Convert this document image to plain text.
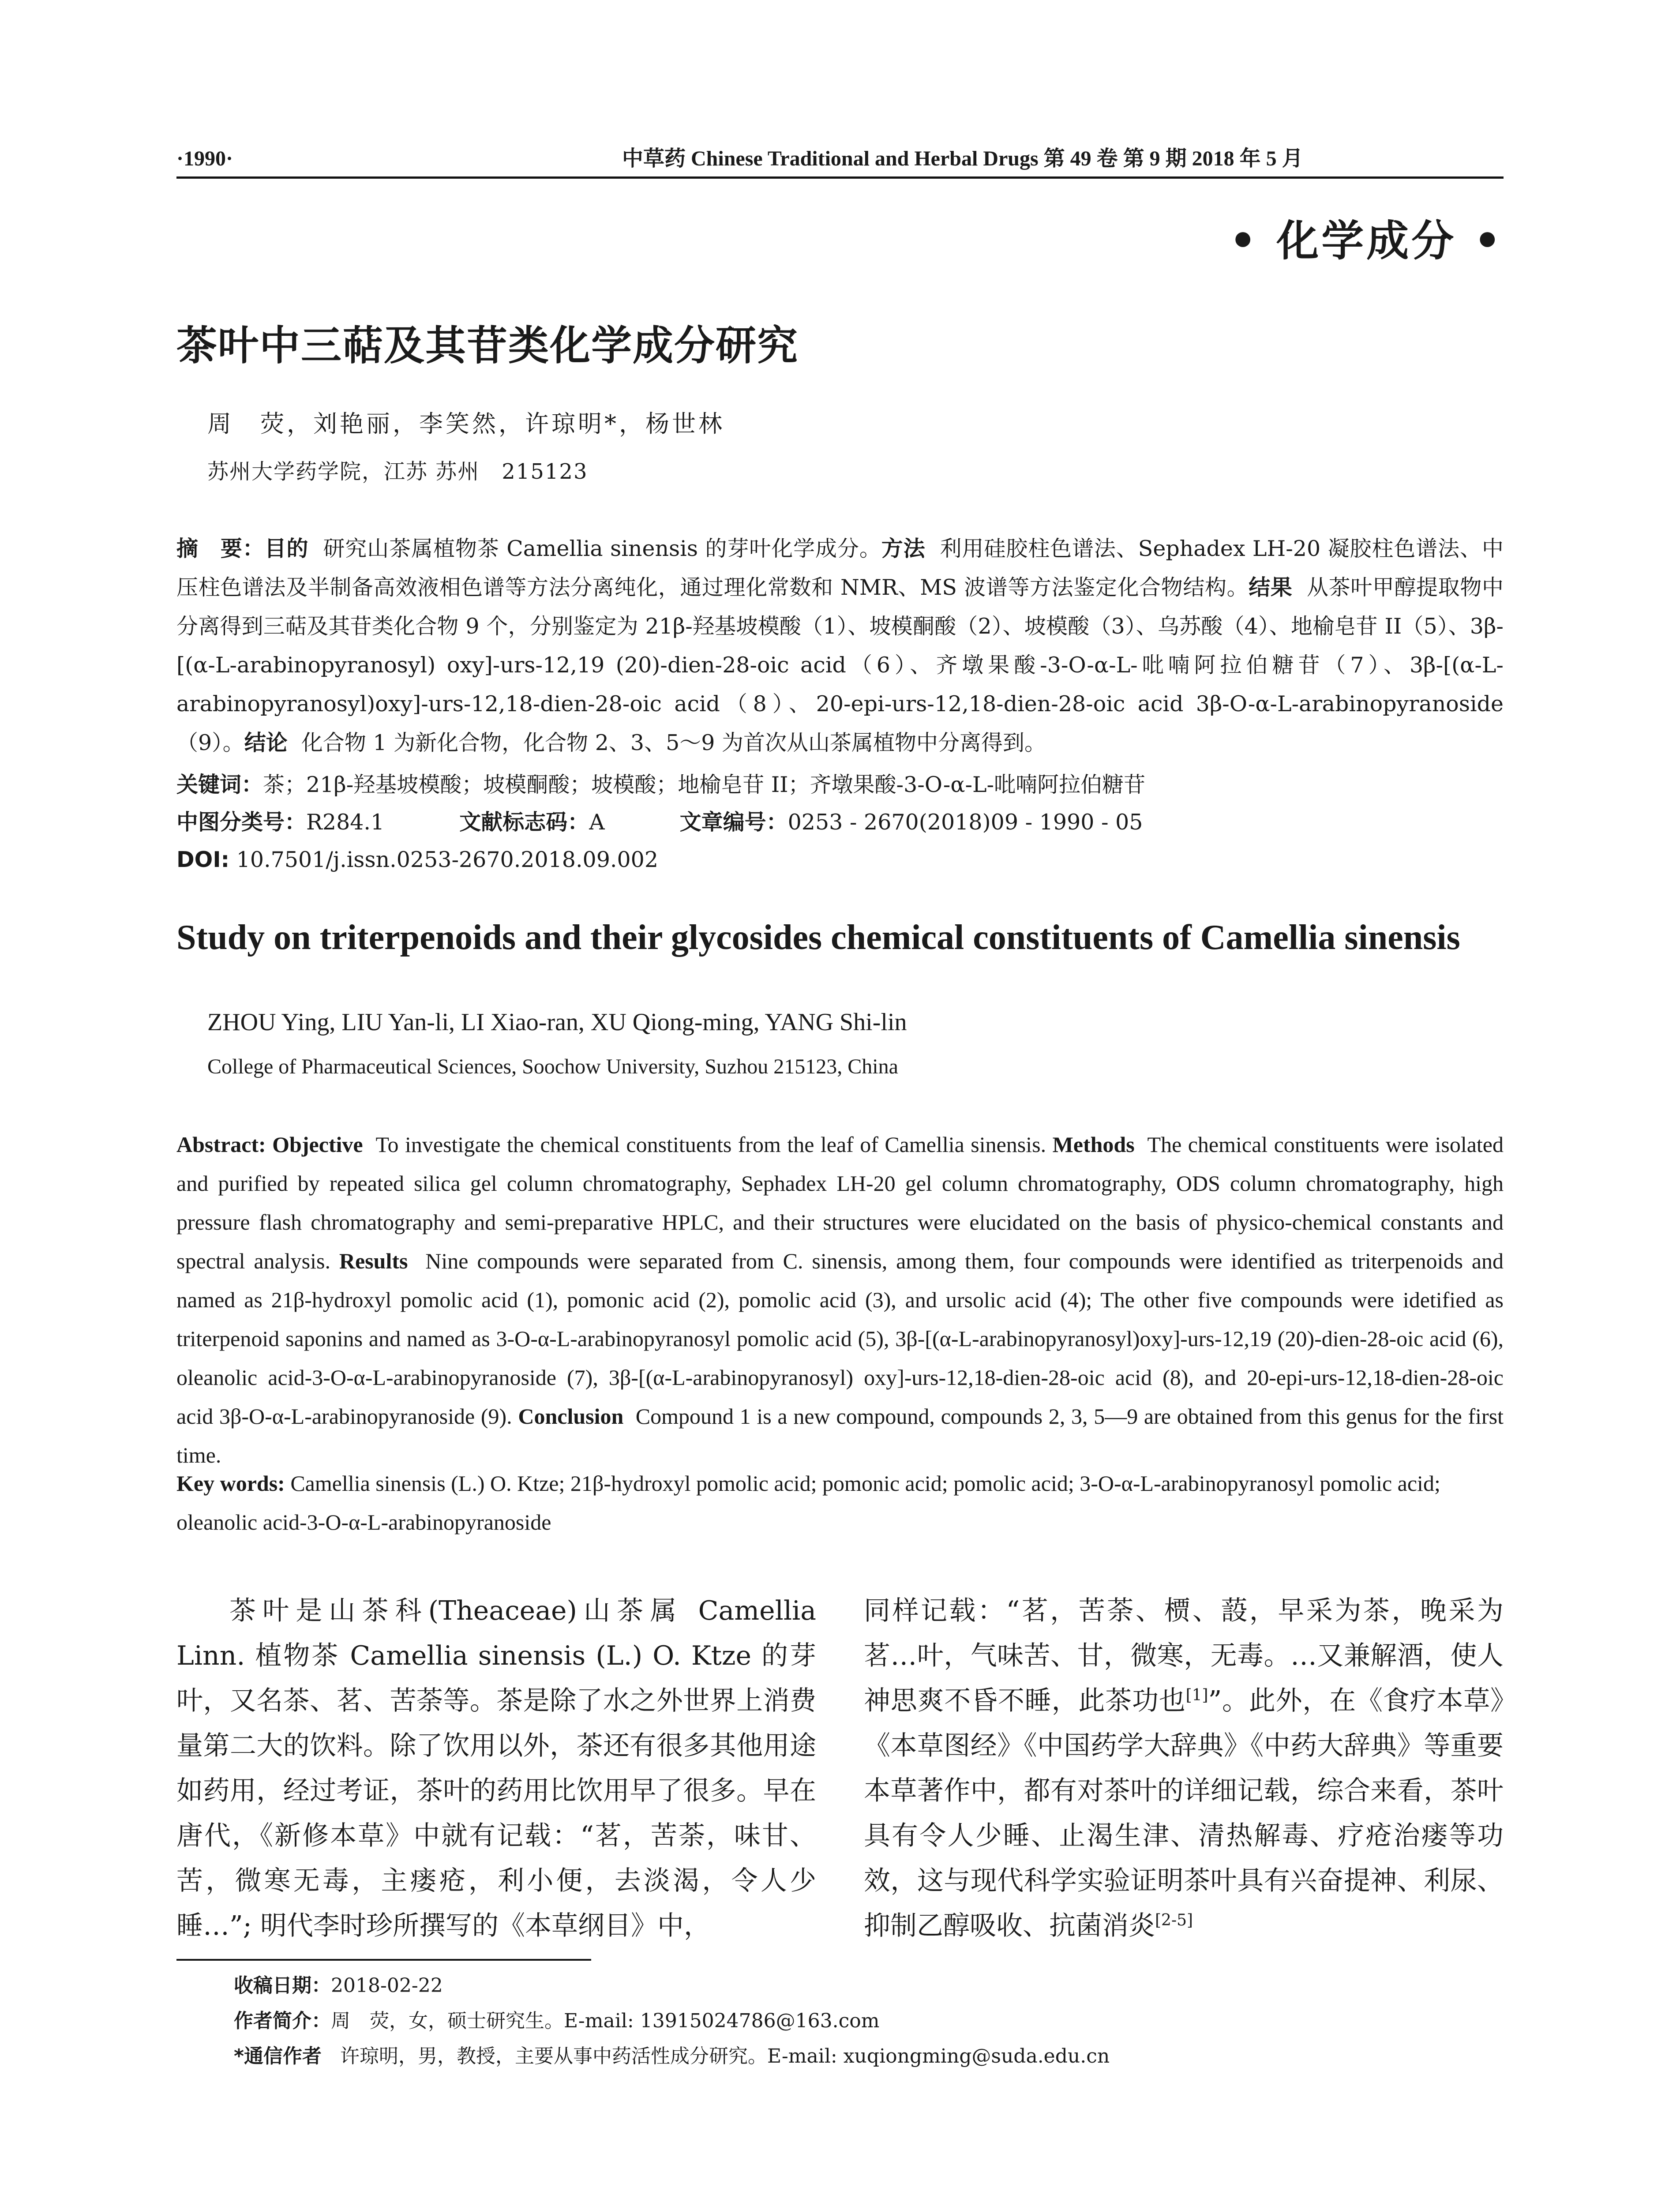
·1990·	中草药 Chinese Traditional and Herbal Drugs 第 49 卷 第 9 期 2018 年 5 月
• 化学成分 •
茶叶中三萜及其苷类化学成分研究
周　荧，刘艳丽，李笑然，许琼明*，杨世林
苏州大学药学院，江苏 苏州　215123

摘　要：目的 研究山茶属植物茶 Camellia sinensis 的芽叶化学成分。方法 利用硅胶柱色谱法、Sephadex LH-20 凝胶柱色谱法、中压柱色谱法及半制备高效液相色谱等方法分离纯化，通过理化常数和 NMR、MS 波谱等方法鉴定化合物结构。结果 从茶叶甲醇提取物中分离得到三萜及其苷类化合物 9 个，分别鉴定为 21β-羟基坡模酸（1）、坡模酮酸（2）、坡模酸（3）、乌苏酸（4）、地榆皂苷 II（5）、3β-[(α-L-arabinopyranosyl) oxy]-urs-12,19 (20)-dien-28-oic acid（6）、齐墩果酸-3-O-α-L-吡喃阿拉伯糖苷（7）、3β-[(α-L-arabinopyranosyl)oxy]-urs-12,18-dien-28-oic acid（8）、20-epi-urs-12,18-dien-28-oic acid 3β-O-α-L-arabinopyranoside（9）。结论 化合物 1 为新化合物，化合物 2、3、5～9 为首次从山茶属植物中分离得到。

关键词：茶；21β-羟基坡模酸；坡模酮酸；坡模酸；地榆皂苷 II；齐墩果酸-3-O-α-L-吡喃阿拉伯糖苷

中图分类号：R284.1	文献标志码：A	文章编号：0253 - 2670(2018)09 - 1990 - 05

DOI: 10.7501/j.issn.0253-2670.2018.09.002

Study on triterpenoids and their glycosides chemical constituents of Camellia sinensis
ZHOU Ying, LIU Yan-li, LI Xiao-ran, XU Qiong-ming, YANG Shi-lin
College of Pharmaceutical Sciences, Soochow University, Suzhou 215123, China

Abstract: Objective To investigate the chemical constituents from the leaf of Camellia sinensis. Methods The chemical constituents were isolated and purified by repeated silica gel column chromatography, Sephadex LH-20 gel column chromatography, ODS column chromatography, high pressure flash chromatography and semi-preparative HPLC, and their structures were elucidated on the basis of physico-chemical constants and spectral analysis. Results Nine compounds were separated from C. sinensis, among them, four compounds were identified as triterpenoids and named as 21β-hydroxyl pomolic acid (1), pomonic acid (2), pomolic acid (3), and ursolic acid (4); The other five compounds were idetified as triterpenoid saponins and named as 3-O-α-L-arabinopyranosyl pomolic acid (5), 3β-[(α-L-arabinopyranosyl)oxy]-urs-12,19 (20)-dien-28-oic acid (6), oleanolic acid-3-O-α-L-arabinopyranoside (7), 3β-[(α-L-arabinopyranosyl) oxy]-urs-12,18-dien-28-oic acid (8), and 20-epi-urs-12,18-dien-28-oic acid 3β-O-α-L-arabinopyranoside (9). Conclusion Compound 1 is a new compound, compounds 2, 3, 5—9 are obtained from this genus for the first time.

Key words: Camellia sinensis (L.) O. Ktze; 21β-hydroxyl pomolic acid; pomonic acid; pomolic acid; 3-O-α-L-arabinopyranosyl pomolic acid; oleanolic acid-3-O-α-L-arabinopyranoside

茶叶是山茶科(Theaceae)山茶属 Camellia Linn. 植物茶 Camellia sinensis (L.) O. Ktze 的芽叶，又名茶、茗、苦荼等。茶是除了水之外世界上消费量第二大的饮料。除了饮用以外，茶还有很多其他用途如药用，经过考证，茶叶的药用比饮用早了很多。早在唐代，《新修本草》中就有记载：“茗，苦荼，味甘、苦，微寒无毒，主瘘疮，利小便，去淡渴，令人少睡…”; 明代李时珍所撰写的《本草纲目》中，

同样记载：“茗，苦荼、槚、蔎，早采为茶，晚采为茗…叶，气味苦、甘，微寒，无毒。…又兼解酒，使人神思爽不昏不睡，此茶功也[1]”。此外，在《食疗本草》《本草图经》《中国药学大辞典》《中药大辞典》等重要本草著作中，都有对茶叶的详细记载，综合来看，茶叶具有令人少睡、止渴生津、清热解毒、疗疮治瘘等功效，这与现代科学实验证明茶叶具有兴奋提神、利尿、抑制乙醇吸收、抗菌消炎[2-5]

收稿日期：2018-02-22
作者简介：周　荧，女，硕士研究生。E-mail: 13915024786@163.com
*通信作者 许琼明，男，教授，主要从事中药活性成分研究。E-mail: xuqiongming@suda.edu.cn
